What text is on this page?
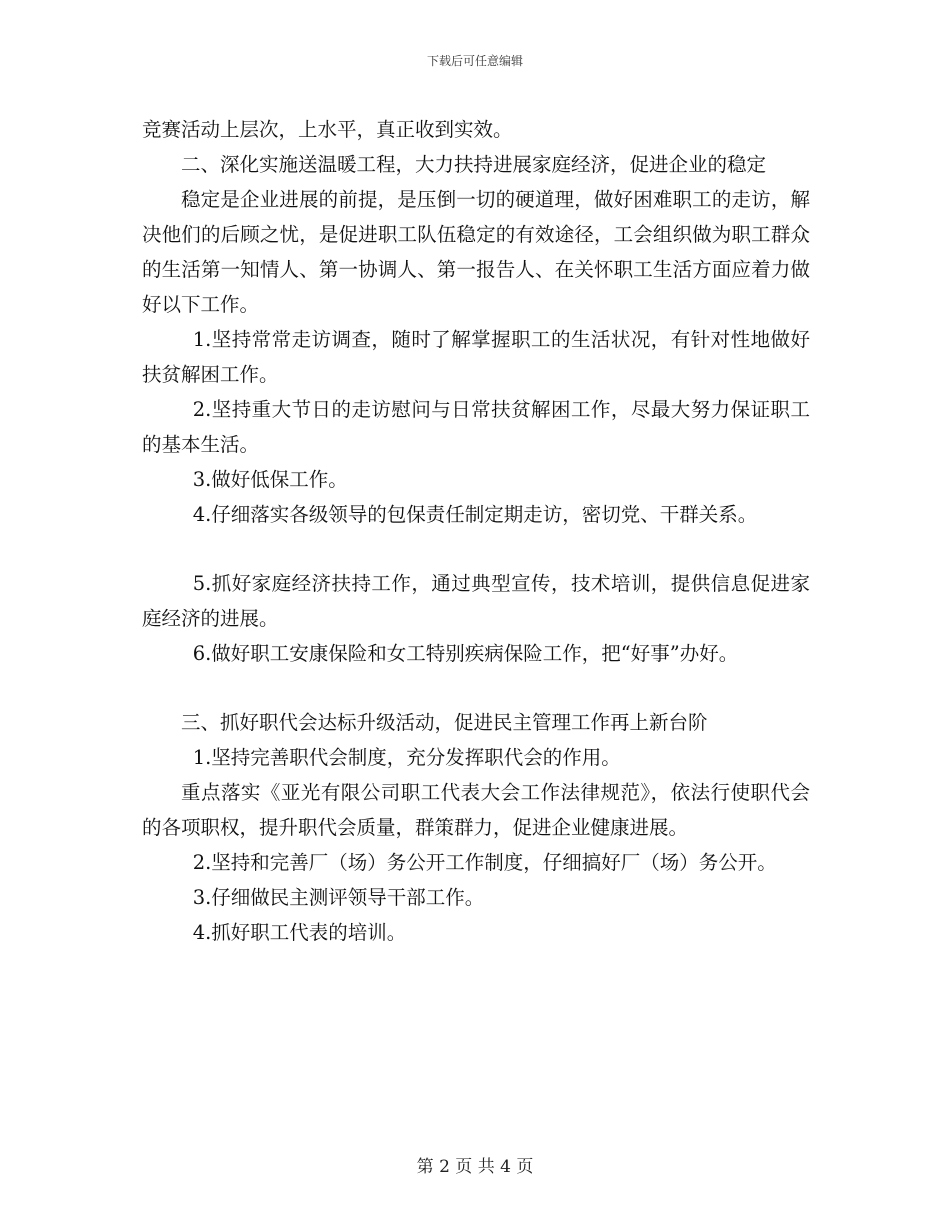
下载后可任意编辑

竞赛活动上层次，上水平，真正收到实效。

二、深化实施送温暖工程，大力扶持进展家庭经济，促进企业的稳定

稳定是企业进展的前提，是压倒一切的硬道理，做好困难职工的走访，解决他们的后顾之忧，是促进职工队伍稳定的有效途径，工会组织做为职工群众的生活第一知情人、第一协调人、第一报告人、在关怀职工生活方面应着力做好以下工作。

1.坚持常常走访调查，随时了解掌握职工的生活状况，有针对性地做好扶贫解困工作。

2.坚持重大节日的走访慰问与日常扶贫解困工作，尽最大努力保证职工的基本生活。

3.做好低保工作。

4.仔细落实各级领导的包保责任制定期走访，密切党、干群关系。

5.抓好家庭经济扶持工作，通过典型宣传，技术培训，提供信息促进家庭经济的进展。

6.做好职工安康保险和女工特别疾病保险工作，把“好事”办好。

三、抓好职代会达标升级活动，促进民主管理工作再上新台阶

1.坚持完善职代会制度，充分发挥职代会的作用。

重点落实《亚光有限公司职工代表大会工作法律规范》，依法行使职代会的各项职权，提升职代会质量，群策群力，促进企业健康进展。

2.坚持和完善厂（场）务公开工作制度，仔细搞好厂（场）务公开。

3.仔细做民主测评领导干部工作。

4.抓好职工代表的培训。

第 2 页 共 4 页
